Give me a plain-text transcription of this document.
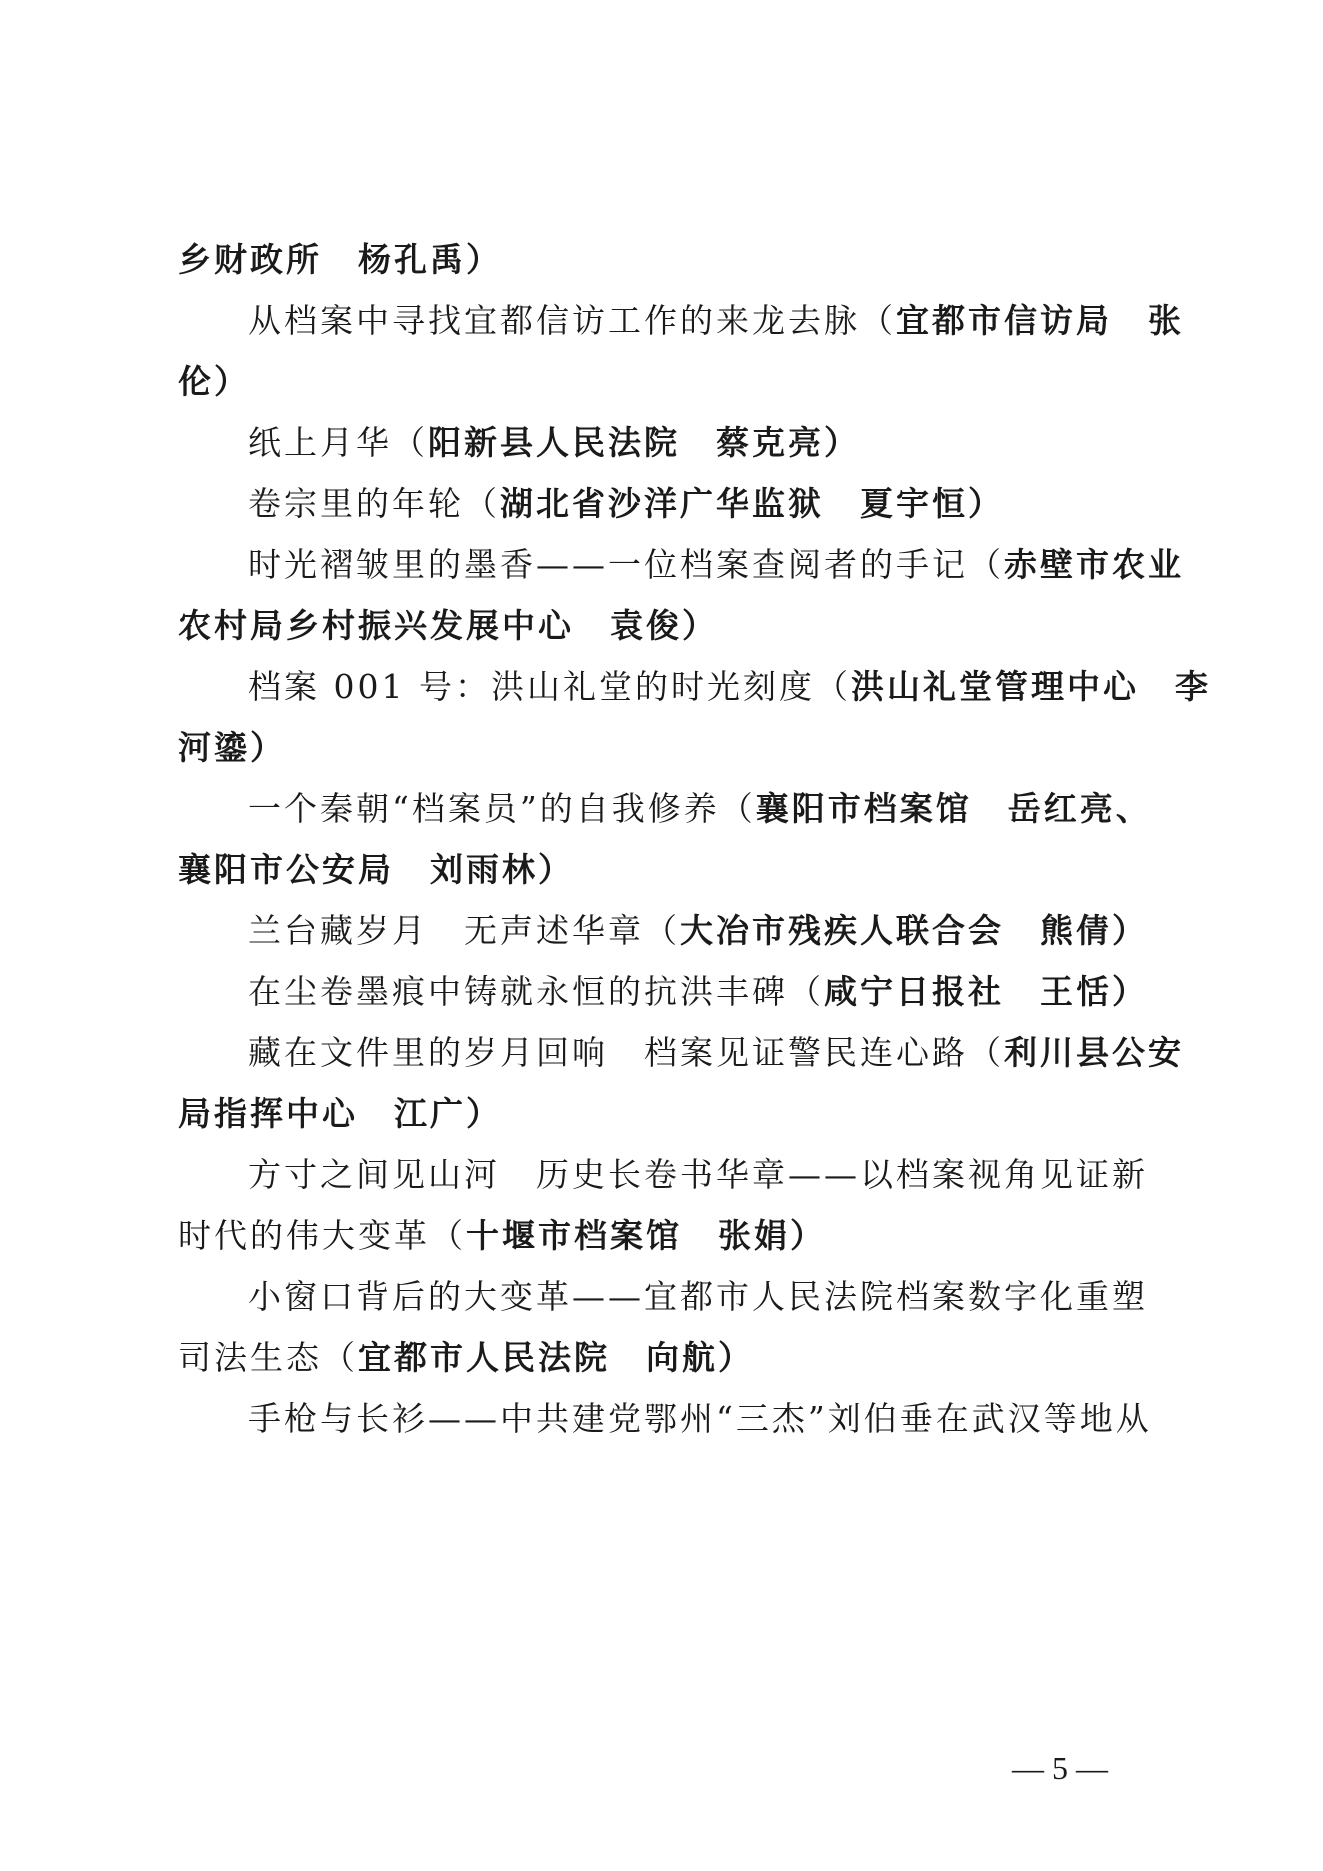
乡财政所　杨孔禹）
从档案中寻找宜都信访工作的来龙去脉（宜都市信访局　张
伦）
纸上月华（阳新县人民法院　蔡克亮）
卷宗里的年轮（湖北省沙洋广华监狱　夏宇恒）
时光褶皱里的墨香——一位档案查阅者的手记（赤壁市农业
农村局乡村振兴发展中心　袁俊）
档案 001 号：洪山礼堂的时光刻度（洪山礼堂管理中心　李
河鎏）
一个秦朝“档案员”的自我修养（襄阳市档案馆　岳红亮、
襄阳市公安局　刘雨林）
兰台藏岁月　无声述华章（大冶市残疾人联合会　熊倩）
在尘卷墨痕中铸就永恒的抗洪丰碑（咸宁日报社　王恬）
藏在文件里的岁月回响　档案见证警民连心路（利川县公安
局指挥中心　江广）
方寸之间见山河　历史长卷书华章——以档案视角见证新
时代的伟大变革（十堰市档案馆　张娟）
小窗口背后的大变革——宜都市人民法院档案数字化重塑
司法生态（宜都市人民法院　向航）
手枪与长衫——中共建党鄂州“三杰”刘伯垂在武汉等地从
— 5 —
